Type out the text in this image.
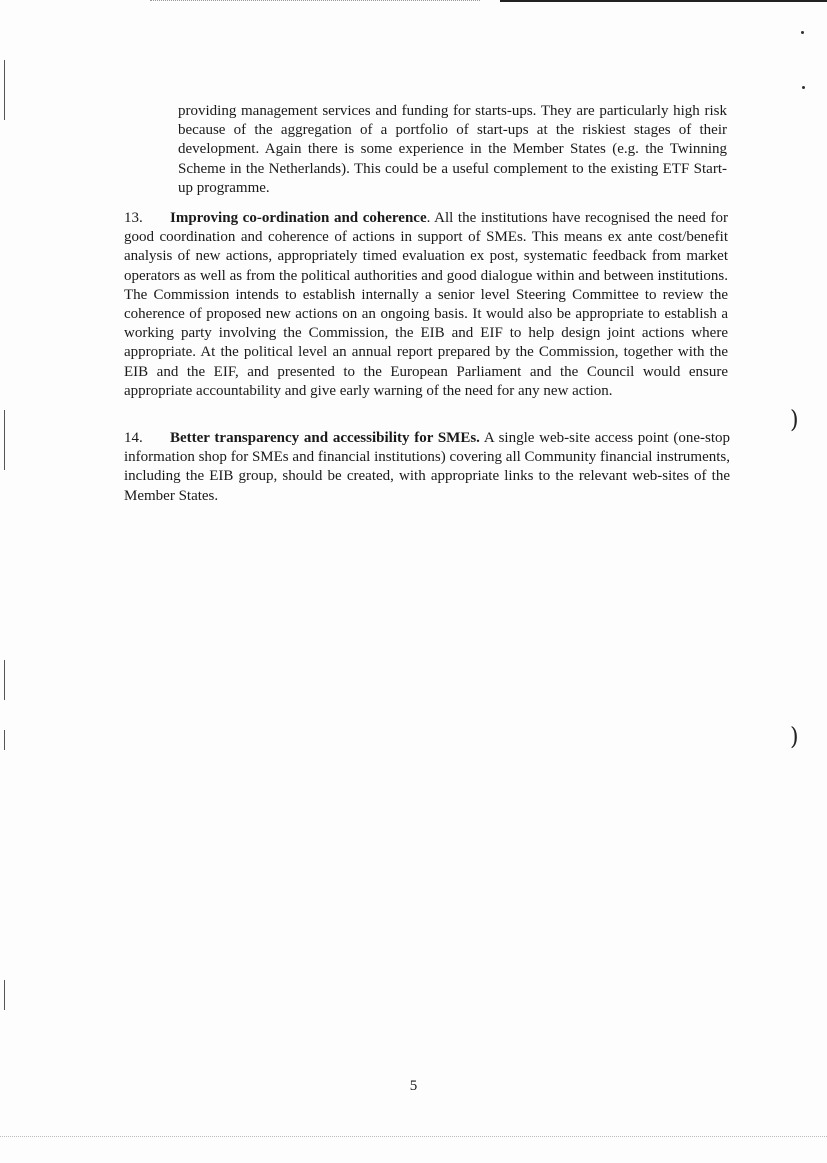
)
)

providing management services and funding for starts-ups. They are particularly high risk because of the aggregation of a portfolio of start-ups at the riskiest stages of their development. Again there is some experience in the Member States (e.g. the Twinning Scheme in the Netherlands). This could be a useful complement to the existing ETF Start-up programme.

13. Improving co-ordination and coherence. All the institutions have recognised the need for good coordination and coherence of actions in support of SMEs. This means ex ante cost/benefit analysis of new actions, appropriately timed evaluation ex post, systematic feedback from market operators as well as from the political authorities and good dialogue within and between institutions. The Commission intends to establish internally a senior level Steering Committee to review the coherence of proposed new actions on an ongoing basis. It would also be appropriate to establish a working party involving the Commission, the EIB and EIF to help design joint actions where appropriate. At the political level an annual report prepared by the Commission, together with the EIB and the EIF, and presented to the European Parliament and the Council would ensure appropriate accountability and give early warning of the need for any new action.

14. Better transparency and accessibility for SMEs. A single web-site access point (one-stop information shop for SMEs and financial institutions) covering all Community financial instruments, including the EIB group, should be created, with appropriate links to the relevant web-sites of the Member States.

5
